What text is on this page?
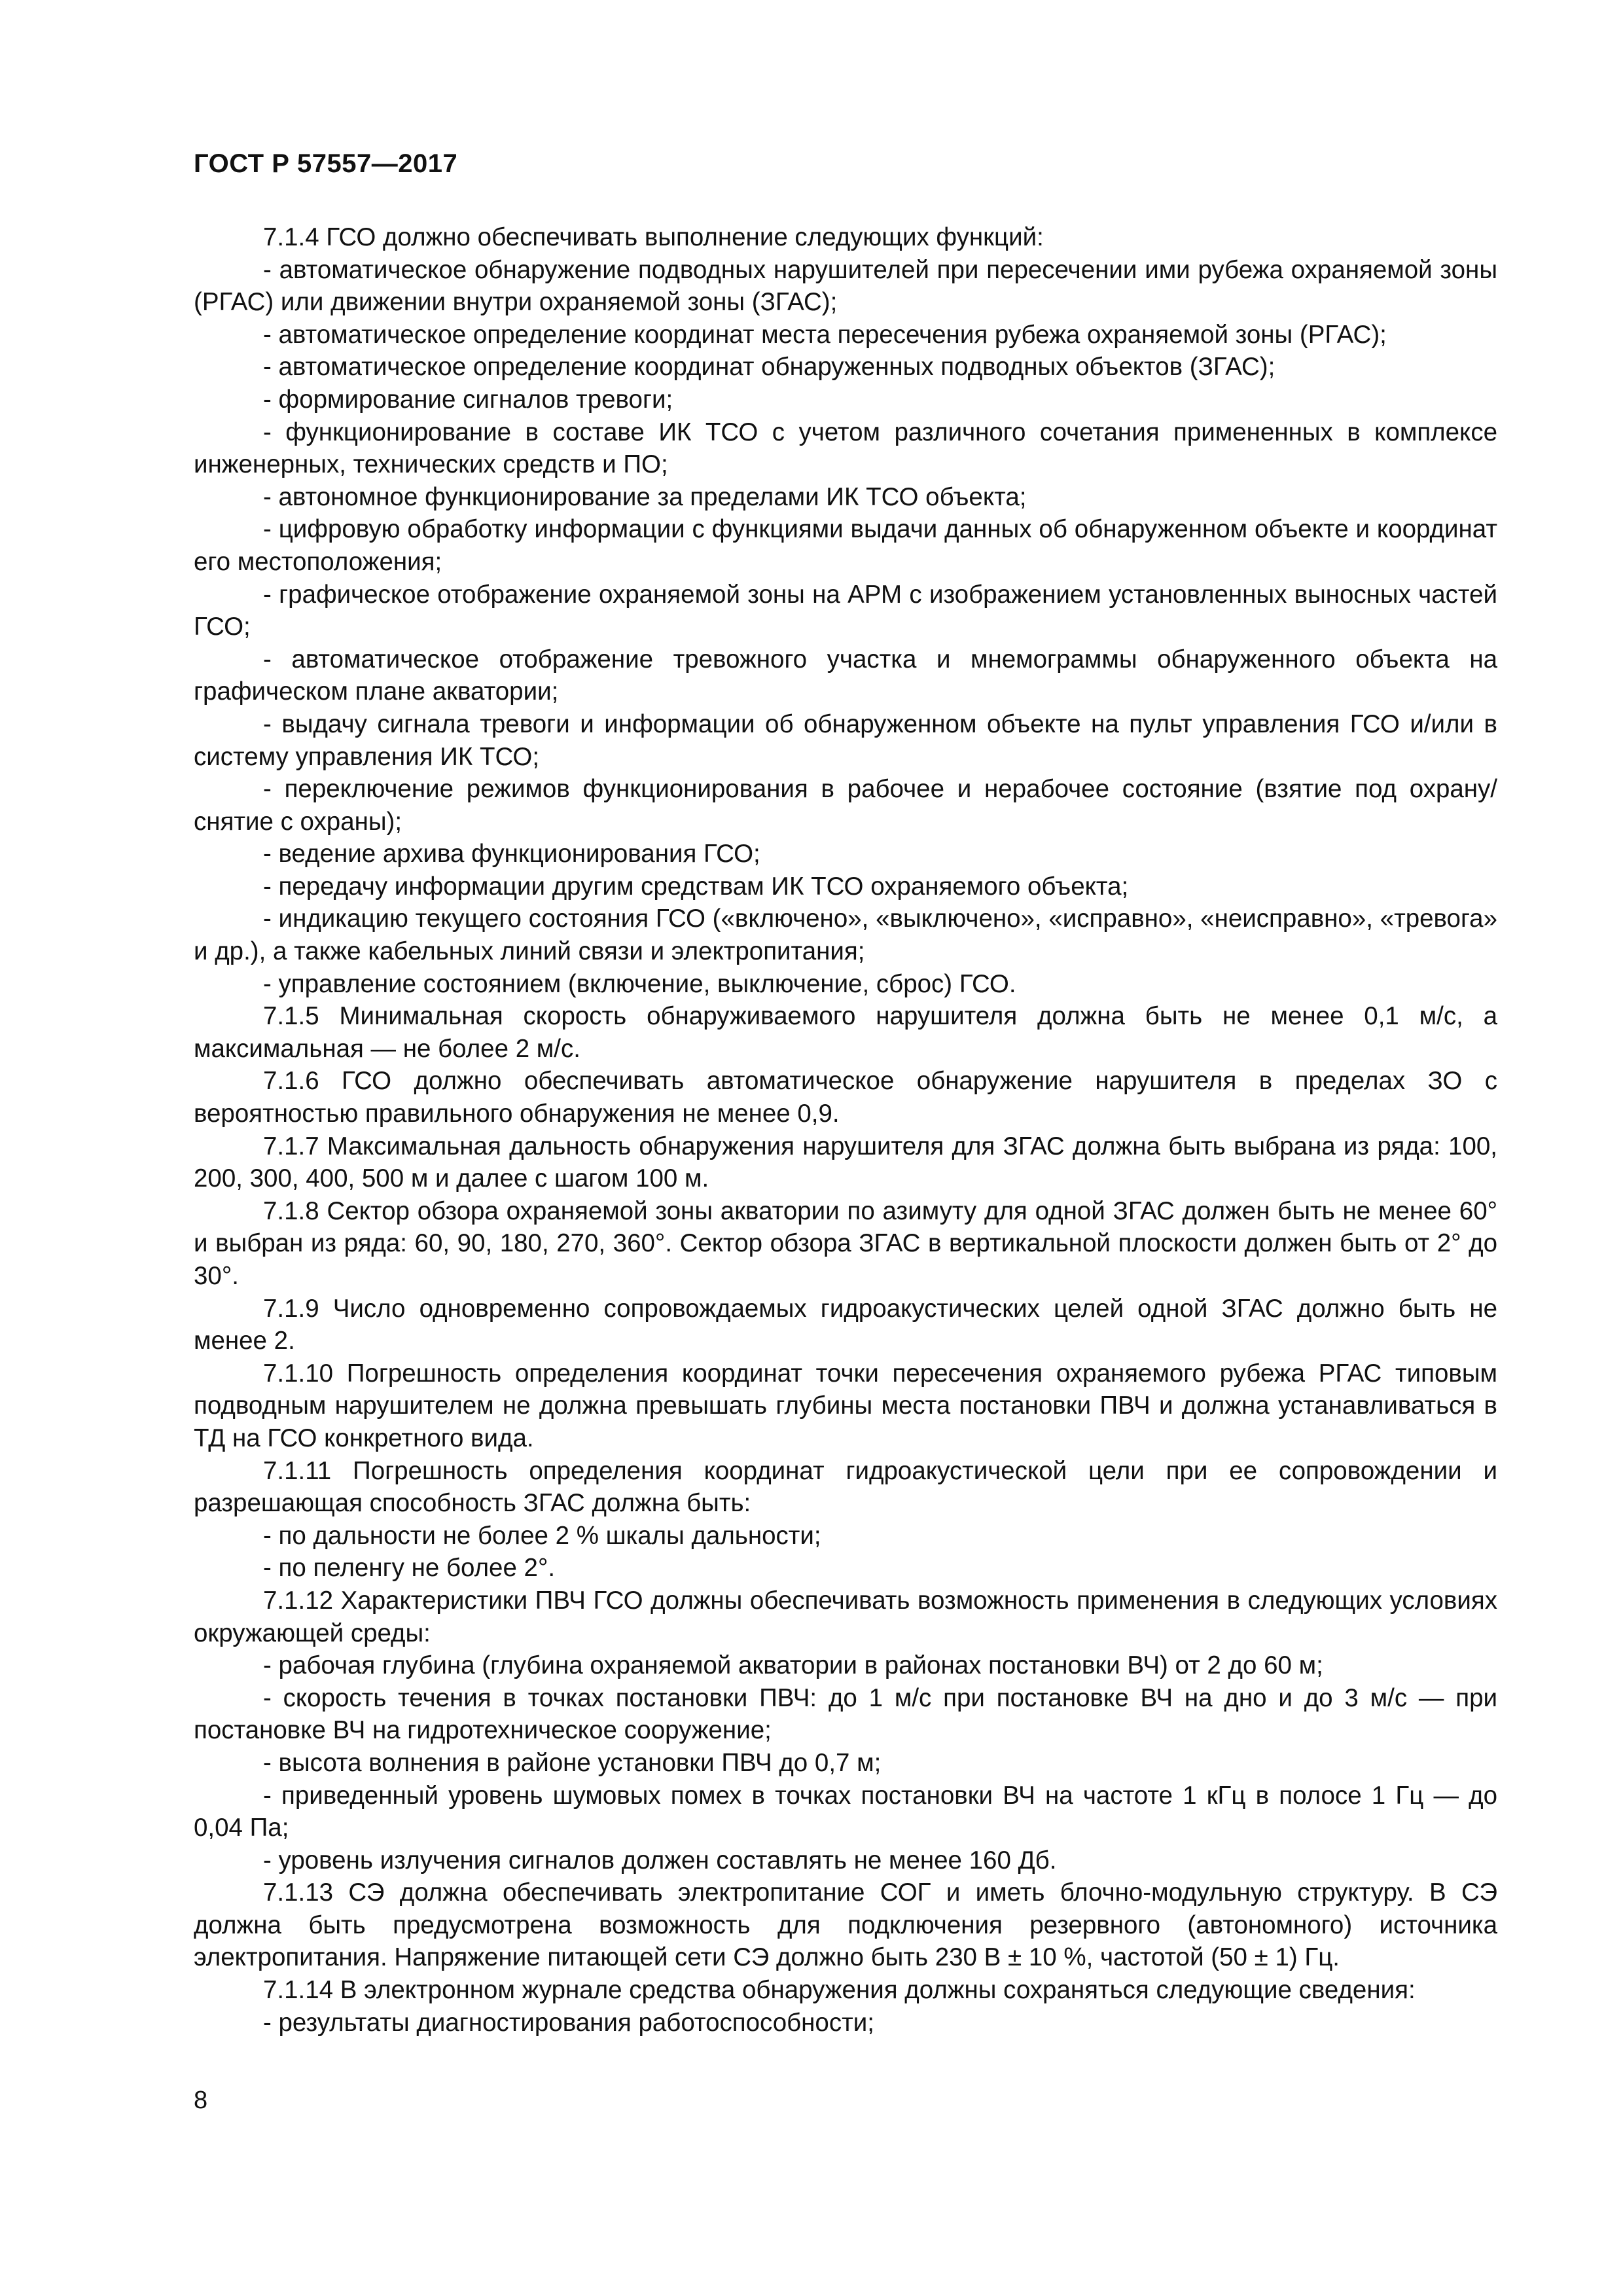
ГОСТ Р 57557—2017

7.1.4 ГСО должно обеспечивать выполнение следующих функций:

- автоматическое обнаружение подводных нарушителей при пересечении ими рубежа охраняемой зоны (РГАС) или движении внутри охраняемой зоны (ЗГАС);

- автоматическое определение координат места пересечения рубежа охраняемой зоны (РГАС);

- автоматическое определение координат обнаруженных подводных объектов (ЗГАС);

- формирование сигналов тревоги;

- функционирование в составе ИК ТСО с учетом различного сочетания примененных в комплексе инженерных, технических средств и ПО;

- автономное функционирование за пределами ИК ТСО объекта;

- цифровую обработку информации с функциями выдачи данных об обнаруженном объекте и координат его местоположения;

- графическое отображение охраняемой зоны на АРМ с изображением установленных выносных частей ГСО;

- автоматическое отображение тревожного участка и мнемограммы обнаруженного объекта на графическом плане акватории;

- выдачу сигнала тревоги и информации об обнаруженном объекте на пульт управления ГСО и/или в систему управления ИК ТСО;

- переключение режимов функционирования в рабочее и нерабочее состояние (взятие под охрану/снятие с охраны);

- ведение архива функционирования ГСО;

- передачу информации другим средствам ИК ТСО охраняемого объекта;

- индикацию текущего состояния ГСО («включено», «выключено», «исправно», «неисправно», «тревога» и др.), а также кабельных линий связи и электропитания;

- управление состоянием (включение, выключение, сброс) ГСО.

7.1.5 Минимальная скорость обнаруживаемого нарушителя должна быть не менее 0,1 м/с, а максимальная — не более 2 м/с.

7.1.6 ГСО должно обеспечивать автоматическое обнаружение нарушителя в пределах ЗО с вероятностью правильного обнаружения не менее 0,9.

7.1.7 Максимальная дальность обнаружения нарушителя для ЗГАС должна быть выбрана из ряда: 100, 200, 300, 400, 500 м и далее с шагом 100 м.

7.1.8 Сектор обзора охраняемой зоны акватории по азимуту для одной ЗГАС должен быть не менее 60° и выбран из ряда: 60, 90, 180, 270, 360°. Сектор обзора ЗГАС в вертикальной плоскости должен быть от 2° до 30°.

7.1.9 Число одновременно сопровождаемых гидроакустических целей одной ЗГАС должно быть не менее 2.

7.1.10 Погрешность определения координат точки пересечения охраняемого рубежа РГАС типовым подводным нарушителем не должна превышать глубины места постановки ПВЧ и должна устанавливаться в ТД на ГСО конкретного вида.

7.1.11 Погрешность определения координат гидроакустической цели при ее сопровождении и разрешающая способность ЗГАС должна быть:

- по дальности не более 2 % шкалы дальности;

- по пеленгу не более 2°.

7.1.12 Характеристики ПВЧ ГСО должны обеспечивать возможность применения в следующих условиях окружающей среды:

- рабочая глубина (глубина охраняемой акватории в районах постановки ВЧ) от 2 до 60 м;

- скорость течения в точках постановки ПВЧ: до 1 м/с при постановке ВЧ на дно и до 3 м/с — при постановке ВЧ на гидротехническое сооружение;

- высота волнения в районе установки ПВЧ до 0,7 м;

- приведенный уровень шумовых помех в точках постановки ВЧ на частоте 1 кГц в полосе 1 Гц — до 0,04 Па;

- уровень излучения сигналов должен составлять не менее 160 Дб.

7.1.13 СЭ должна обеспечивать электропитание СОГ и иметь блочно-модульную структуру. В СЭ должна быть предусмотрена возможность для подключения резервного (автономного) источника электропитания. Напряжение питающей сети СЭ должно быть 230 В ± 10 %, частотой (50 ± 1) Гц.

7.1.14 В электронном журнале средства обнаружения должны сохраняться следующие сведения:

- результаты диагностирования работоспособности;

8
